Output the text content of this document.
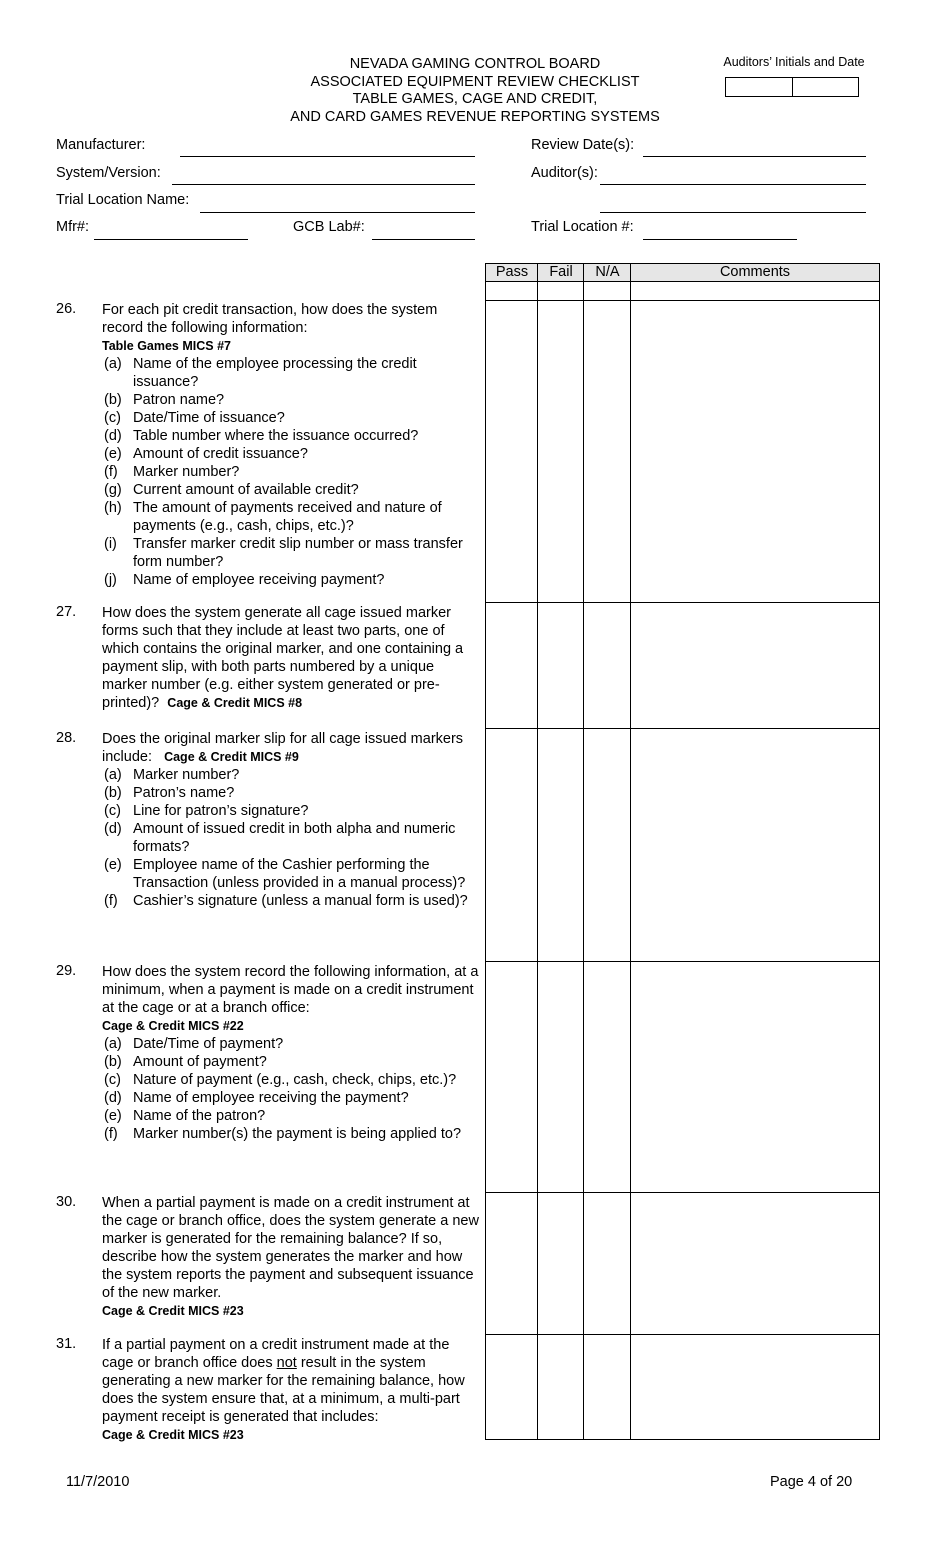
NEVADA GAMING CONTROL BOARD
ASSOCIATED EQUIPMENT REVIEW CHECKLIST
TABLE GAMES, CAGE AND CREDIT,
AND CARD GAMES REVENUE REPORTING SYSTEMS
Auditors’ Initials and Date
Manufacturer:
System/Version:
Trial Location Name:
Mfr#:	GCB Lab#:
Review Date(s):
Auditor(s):
Trial Location #:
Pass	Fail	N/A	Comments
26. For each pit credit transaction, how does the system record the following information:
Table Games MICS #7
(a) Name of the employee processing the credit issuance?
(b) Patron name?
(c) Date/Time of issuance?
(d) Table number where the issuance occurred?
(e) Amount of credit issuance?
(f) Marker number?
(g) Current amount of available credit?
(h) The amount of payments received and nature of payments (e.g., cash, chips, etc.)?
(i) Transfer marker credit slip number or mass transfer form number?
(j) Name of employee receiving payment?
27. How does the system generate all cage issued marker forms such that they include at least two parts, one of which contains the original marker, and one containing a payment slip, with both parts numbered by a unique marker number (e.g. either system generated or pre-printed)? Cage & Credit MICS #8
28. Does the original marker slip for all cage issued markers include: Cage & Credit MICS #9
(a) Marker number?
(b) Patron’s name?
(c) Line for patron’s signature?
(d) Amount of issued credit in both alpha and numeric formats?
(e) Employee name of the Cashier performing the Transaction (unless provided in a manual process)?
(f) Cashier’s signature (unless a manual form is used)?
29. How does the system record the following information, at a minimum, when a payment is made on a credit instrument at the cage or at a branch office:
Cage & Credit MICS #22
(a) Date/Time of payment?
(b) Amount of payment?
(c) Nature of payment (e.g., cash, check, chips, etc.)?
(d) Name of employee receiving the payment?
(e) Name of the patron?
(f) Marker number(s) the payment is being applied to?
30. When a partial payment is made on a credit instrument at the cage or branch office, does the system generate a new marker is generated for the remaining balance? If so, describe how the system generates the marker and how the system reports the payment and subsequent issuance of the new marker.
Cage & Credit MICS #23
31. If a partial payment on a credit instrument made at the cage or branch office does not result in the system generating a new marker for the remaining balance, how does the system ensure that, at a minimum, a multi-part payment receipt is generated that includes:
Cage & Credit MICS #23
11/7/2010	Page 4 of 20
